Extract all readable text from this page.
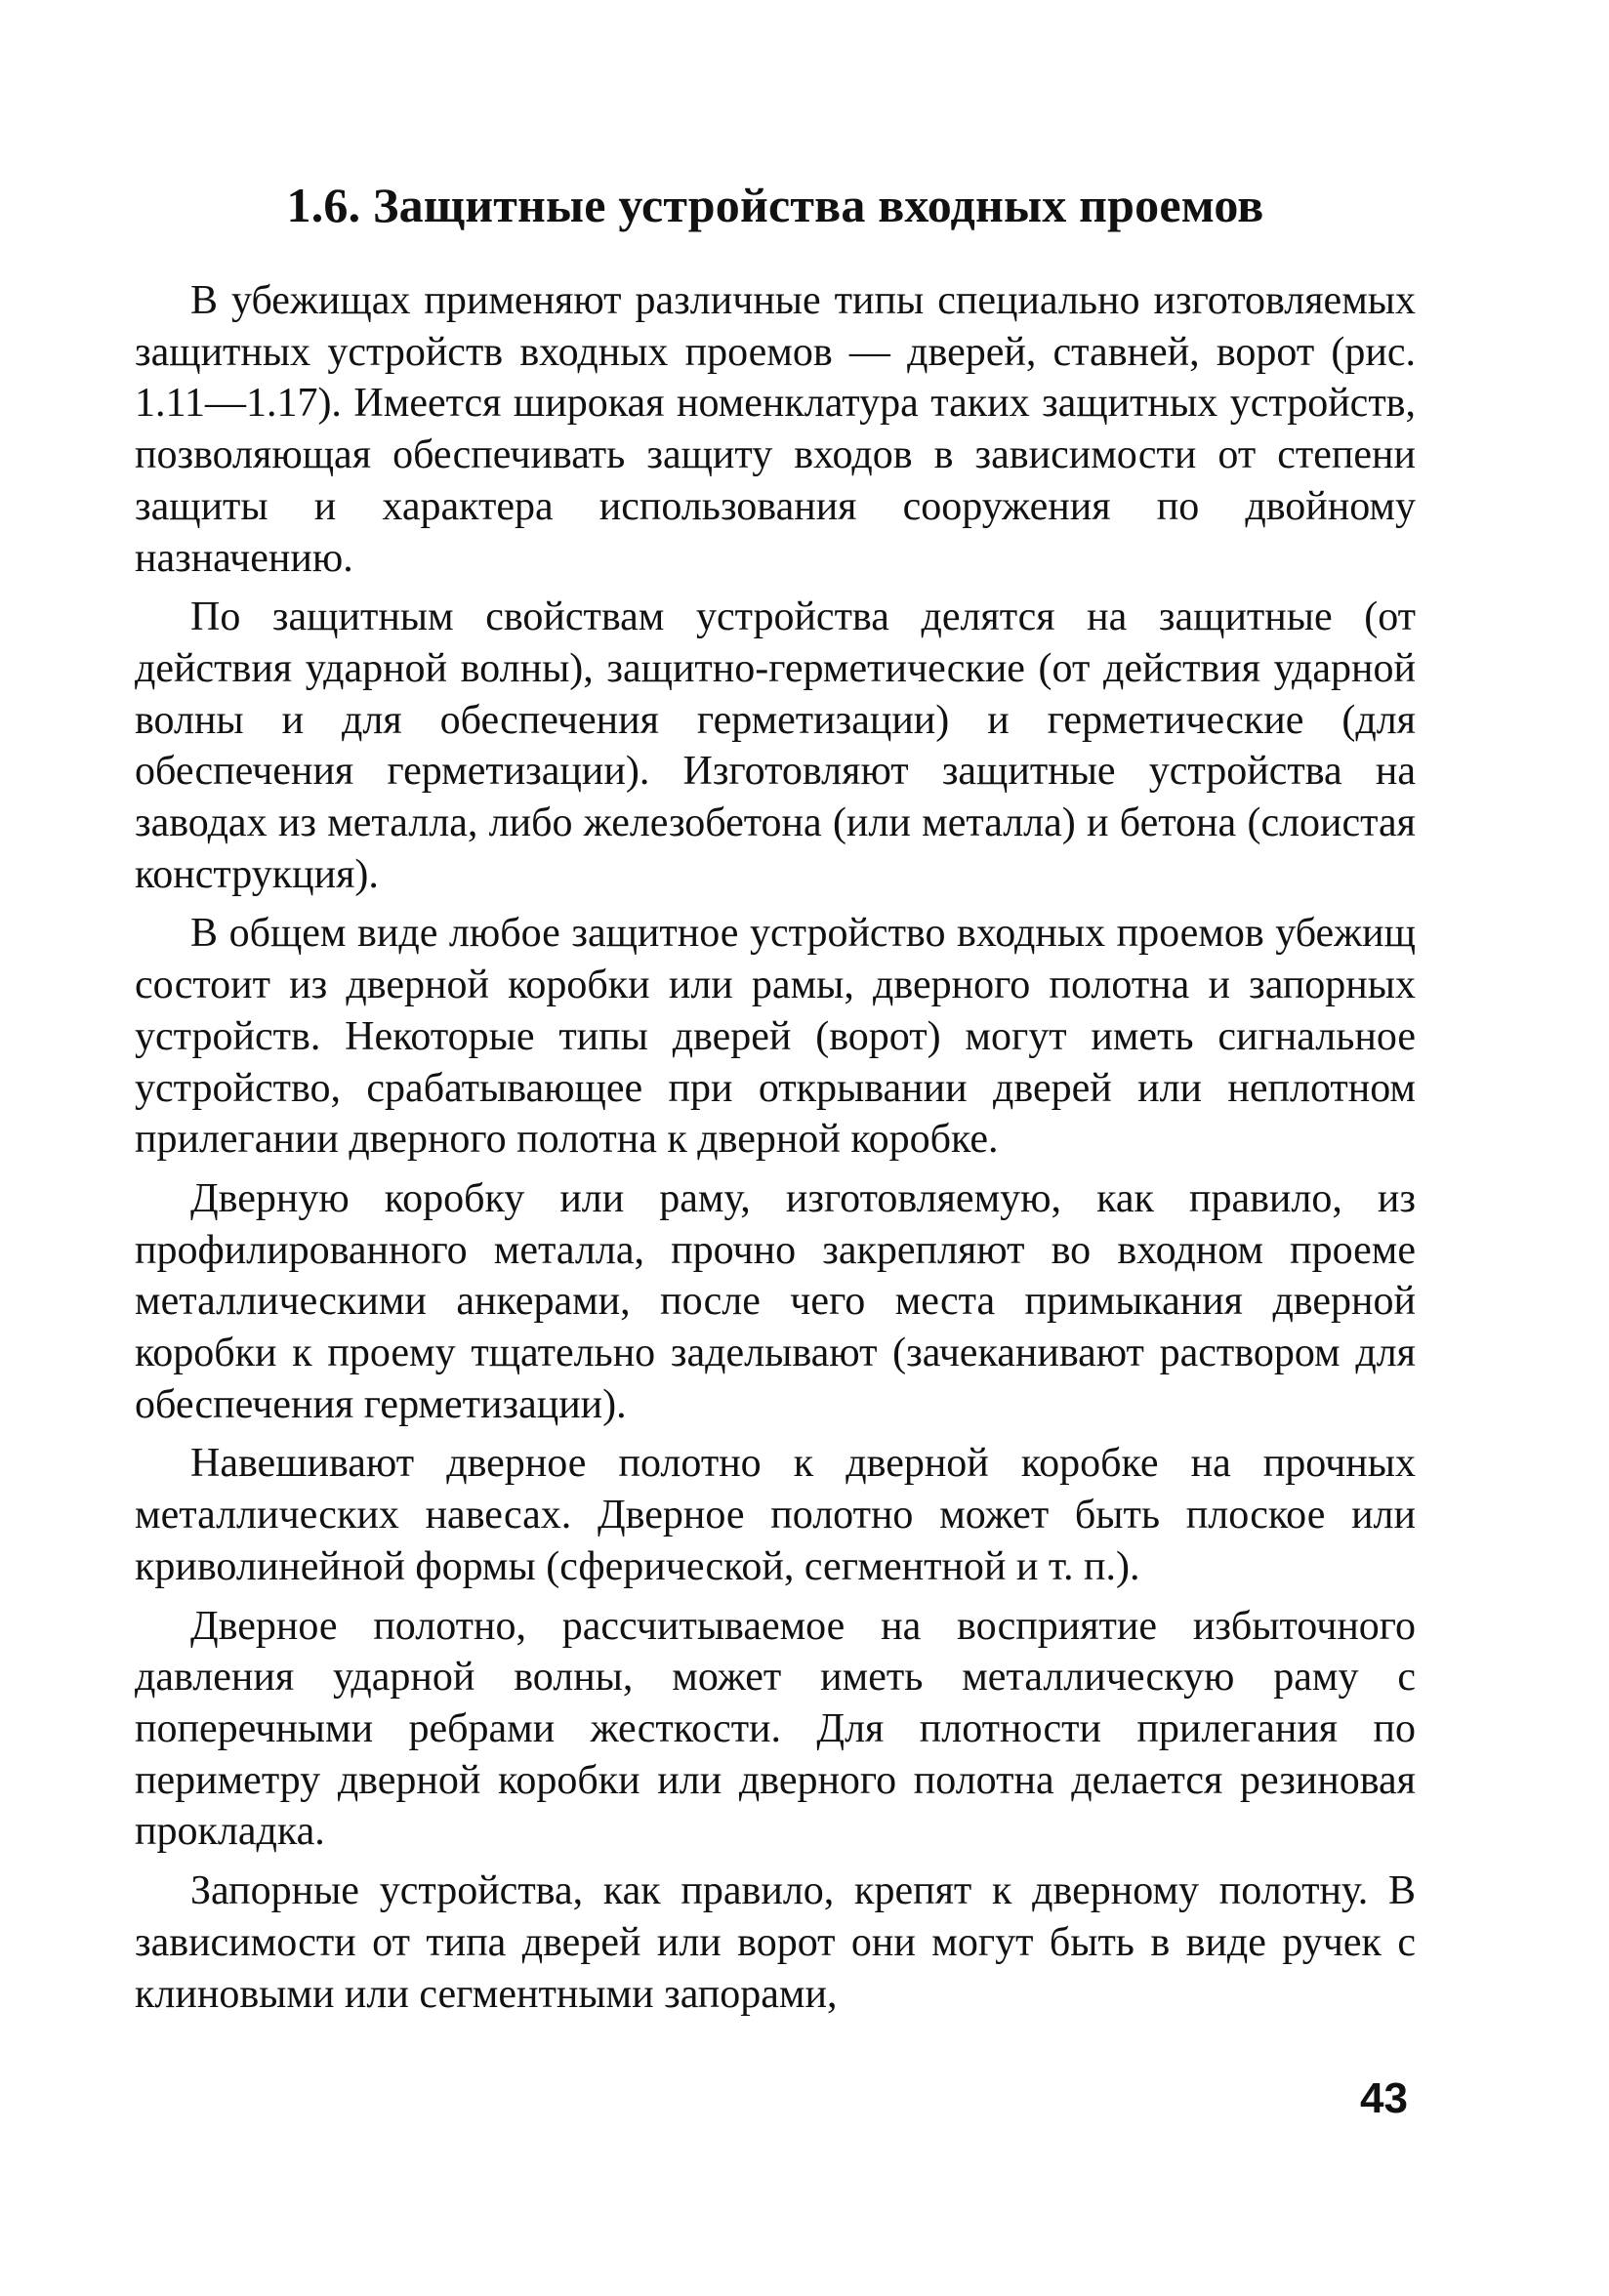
1.6. Защитные устройства входных проемов

В убежищах применяют различные типы специально изготовляемых защитных устройств входных проемов — дверей, ставней, ворот (рис. 1.11—1.17). Имеется широкая номенклатура таких защитных устройств, позволяющая обеспечивать защиту входов в зависимости от степени защиты и характера использования сооружения по двойному назначению.

По защитным свойствам устройства делятся на защитные (от действия ударной волны), защитно-герметические (от действия ударной волны и для обеспечения герметизации) и герметические (для обеспечения герметизации). Изготовляют защитные устройства на заводах из металла, либо железобетона (или металла) и бетона (слоистая конструкция).

В общем виде любое защитное устройство входных проемов убежищ состоит из дверной коробки или рамы, дверного полотна и запорных устройств. Некоторые типы дверей (ворот) могут иметь сигнальное устройство, срабатывающее при открывании дверей или неплотном прилегании дверного полотна к дверной коробке.

Дверную коробку или раму, изготовляемую, как правило, из профилированного металла, прочно закрепляют во входном проеме металлическими анкерами, после чего места примыкания дверной коробки к проему тщательно заделывают (зачеканивают раствором для обеспечения герметизации).

Навешивают дверное полотно к дверной коробке на прочных металлических навесах. Дверное полотно может быть плоское или криволинейной формы (сферической, сегментной и т. п.).

Дверное полотно, рассчитываемое на восприятие избыточного давления ударной волны, может иметь металлическую раму с поперечными ребрами жесткости. Для плотности прилегания по периметру дверной коробки или дверного полотна делается резиновая прокладка.

Запорные устройства, как правило, крепят к дверному полотну. В зависимости от типа дверей или ворот они могут быть в виде ручек с клиновыми или сегментными запорами,

43
